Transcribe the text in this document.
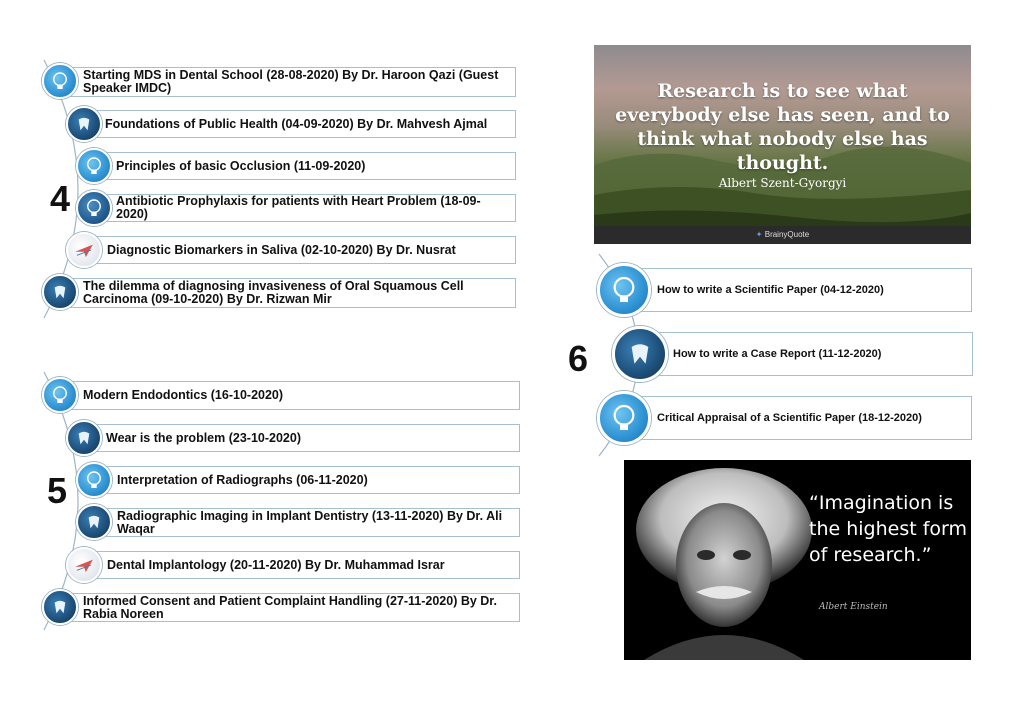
4
5
6
Starting MDS in Dental School (28-08-2020) By Dr. Haroon Qazi (Guest Speaker IMDC)
Foundations of Public Health (04-09-2020) By Dr. Mahvesh Ajmal
Principles of basic Occlusion (11-09-2020)
Antibiotic Prophylaxis for patients with Heart Problem (18-09-2020)
Diagnostic Biomarkers in Saliva (02-10-2020) By Dr. Nusrat
The dilemma of diagnosing invasiveness of Oral Squamous Cell Carcinoma (09-10-2020) By Dr. Rizwan Mir
Modern Endodontics (16-10-2020)
Wear is the problem (23-10-2020)
Interpretation of Radiographs (06-11-2020)
Radiographic Imaging in Implant Dentistry (13-11-2020) By Dr. Ali Waqar
Dental Implantology (20-11-2020) By Dr. Muhammad Israr
Informed Consent and Patient Complaint Handling (27-11-2020) By Dr. Rabia Noreen
How to write a Scientific Paper (04-12-2020)
How to write a Case Report (11-12-2020)
Critical Appraisal of a Scientific Paper (18-12-2020)
Research is to see what everybody else has seen, and to think what nobody else has thought.
Albert Szent-Gyorgyi
✦ BrainyQuote
“Imagination is the highest form of research.”
Albert Einstein
